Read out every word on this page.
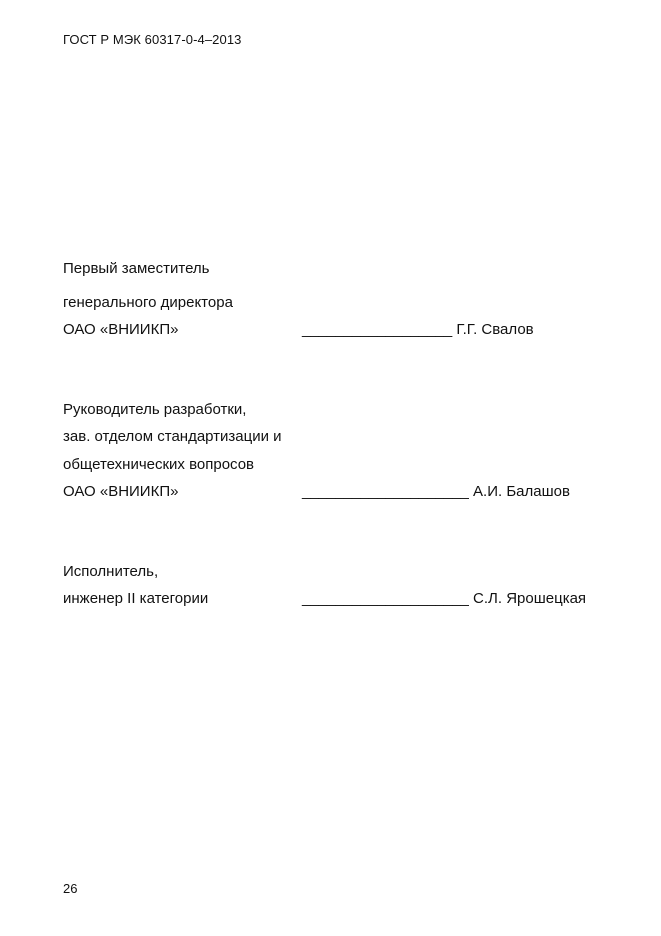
ГОСТ Р МЭК 60317-0-4–2013
Первый заместитель
генерального директора
ОАО «ВНИИКП»	__________________ Г.Г. Свалов
Руководитель разработки,
зав. отделом стандартизации и
общетехнических вопросов
ОАО «ВНИИКП»	____________________ А.И. Балашов
Исполнитель,
инженер II категории	____________________ С.Л. Ярошецкая
26
